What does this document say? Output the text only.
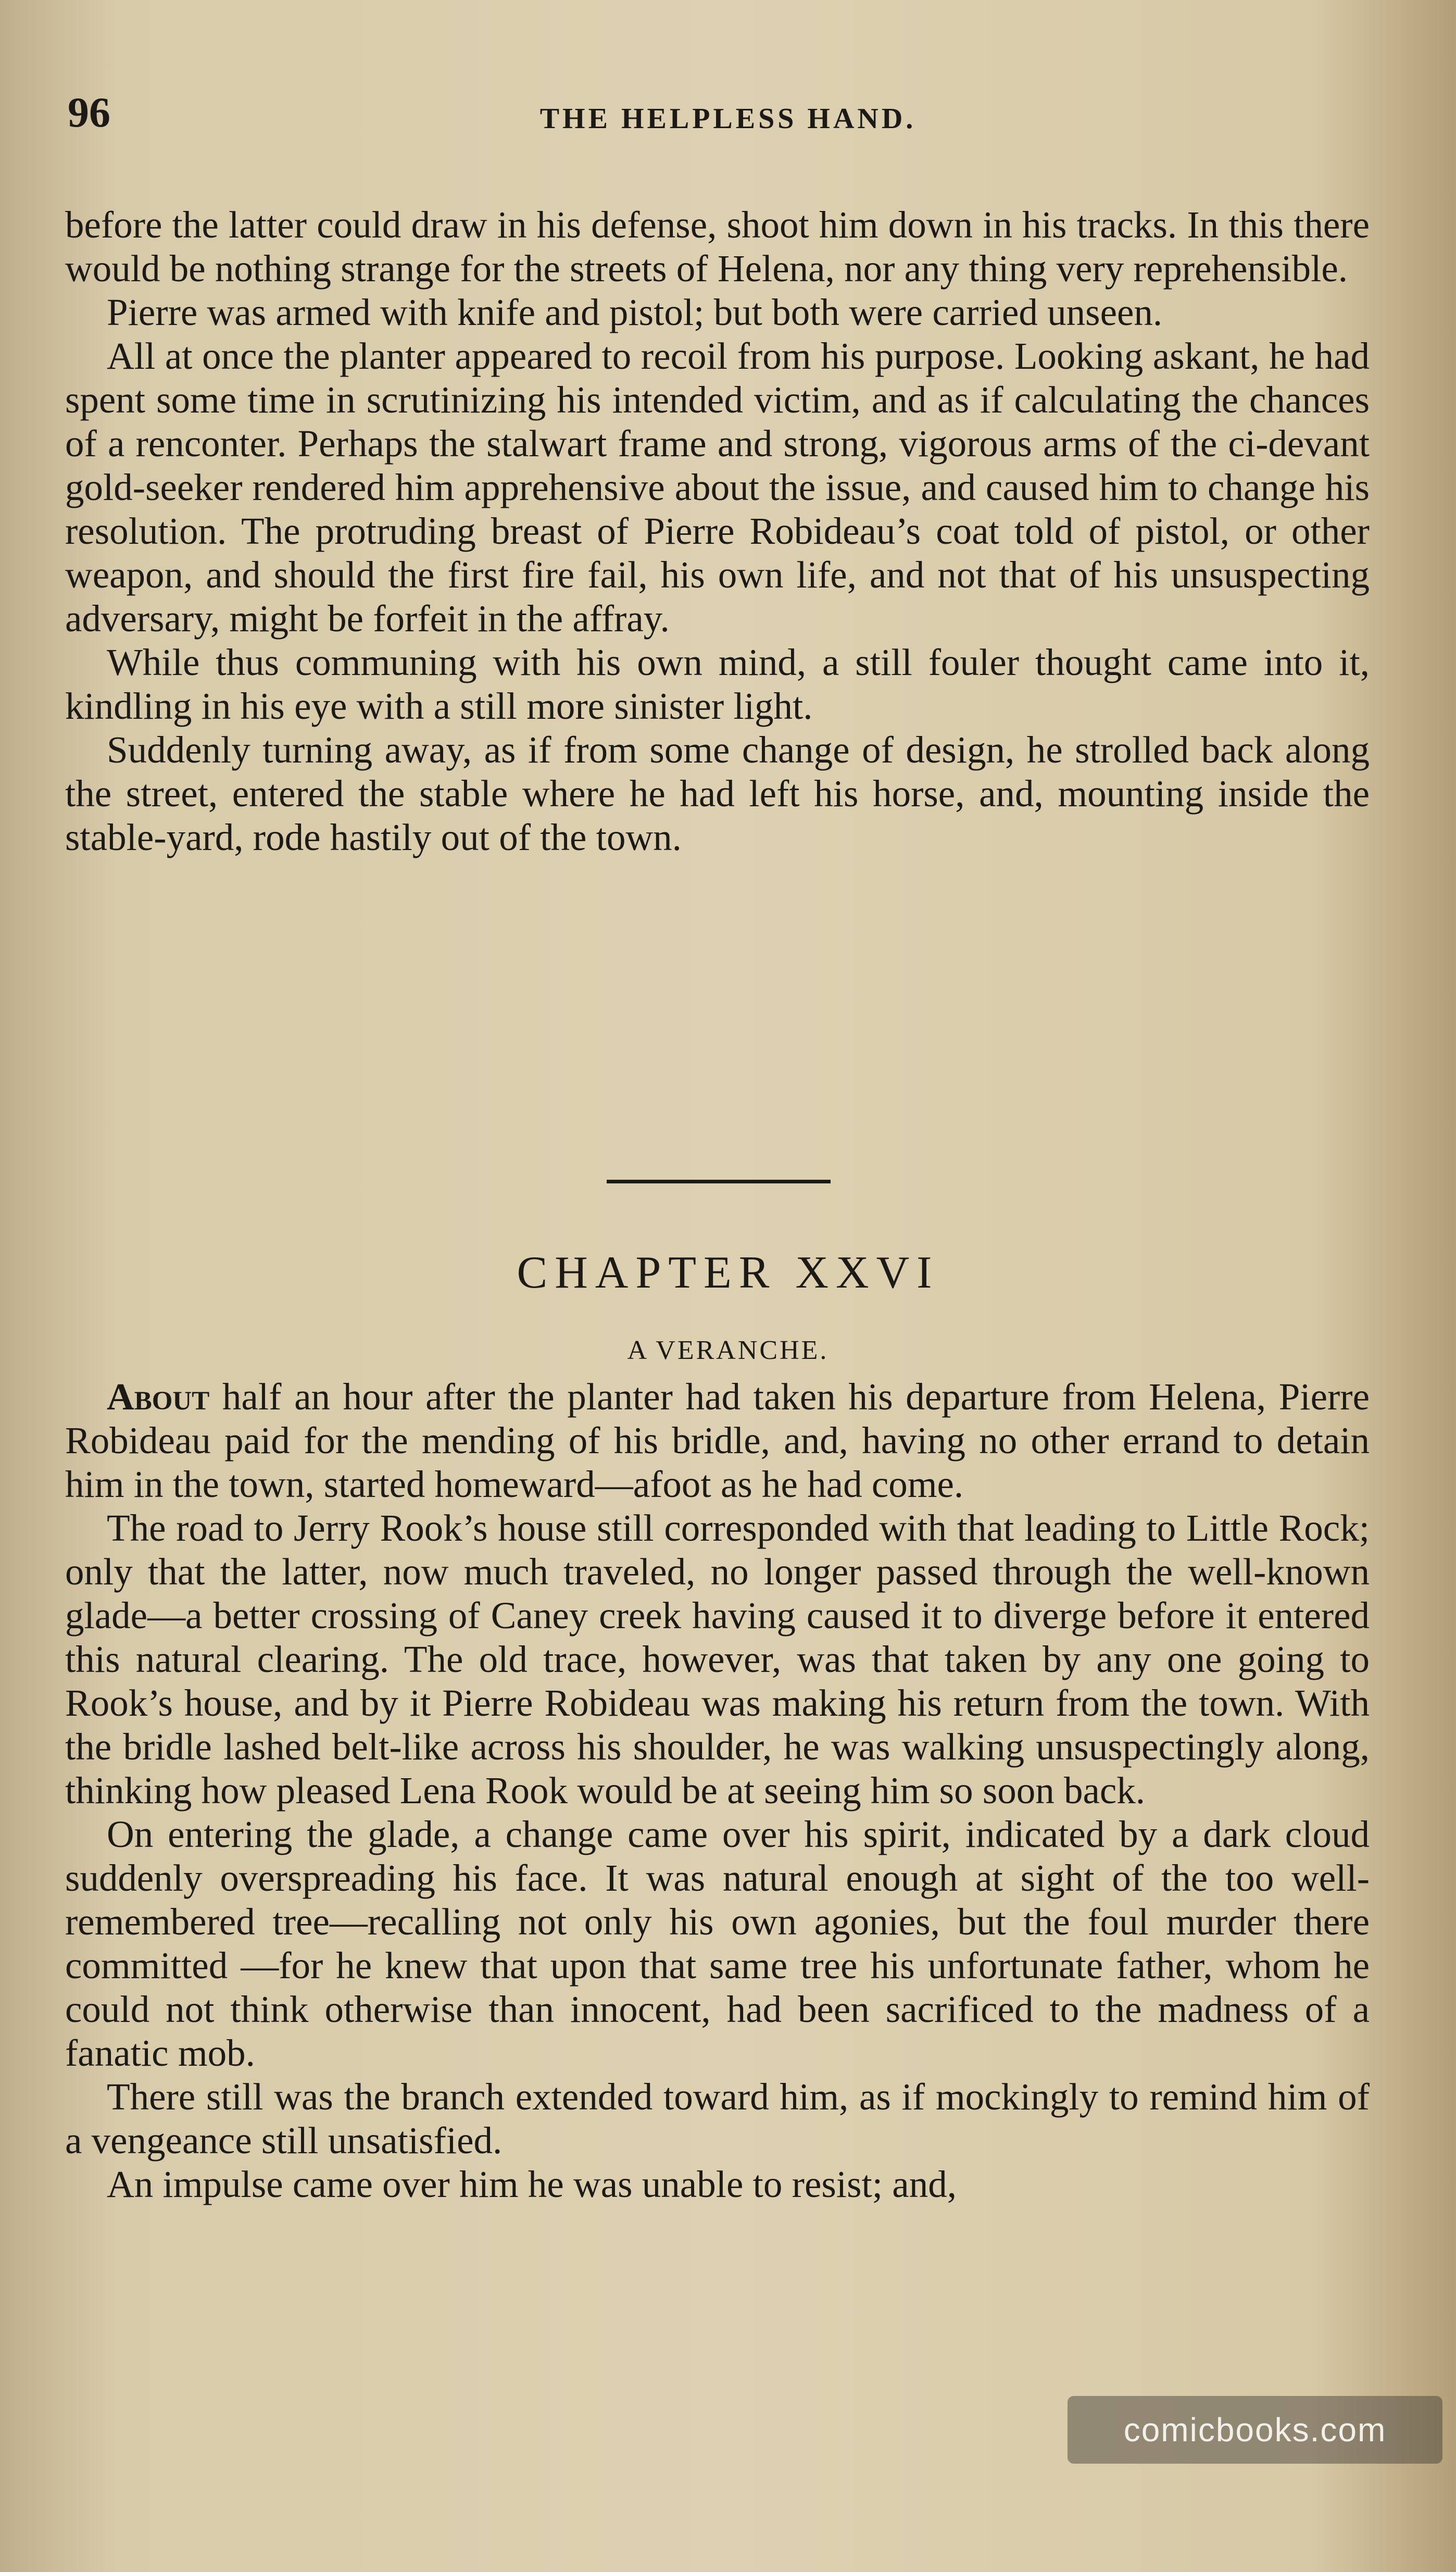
96	THE HELPLESS HAND.

before the latter could draw in his defense, shoot him down in his tracks. In this there would be nothing strange for the streets of Helena, nor any thing very reprehensible.

Pierre was armed with knife and pistol; but both were carried unseen.

All at once the planter appeared to recoil from his purpose. Looking askant, he had spent some time in scrutinizing his intended victim, and as if calculating the chances of a renconter. Perhaps the stalwart frame and strong, vigorous arms of the ci-devant gold-seeker rendered him apprehensive about the issue, and caused him to change his resolution. The protruding breast of Pierre Robideau’s coat told of pistol, or other weapon, and should the first fire fail, his own life, and not that of his unsuspecting adversary, might be forfeit in the affray.

While thus communing with his own mind, a still fouler thought came into it, kindling in his eye with a still more sinister light.

Suddenly turning away, as if from some change of design, he strolled back along the street, entered the stable where he had left his horse, and, mounting inside the stable-yard, rode hastily out of the town.

CHAPTER XXVI
A VERANCHE.

About half an hour after the planter had taken his departure from Helena, Pierre Robideau paid for the mending of his bridle, and, having no other errand to detain him in the town, started homeward—afoot as he had come.

The road to Jerry Rook’s house still corresponded with that leading to Little Rock; only that the latter, now much traveled, no longer passed through the well-known glade—a better crossing of Caney creek having caused it to diverge before it entered this natural clearing. The old trace, however, was that taken by any one going to Rook’s house, and by it Pierre Robideau was making his return from the town. With the bridle lashed belt-like across his shoulder, he was walking unsuspectingly along, thinking how pleased Lena Rook would be at seeing him so soon back.

On entering the glade, a change came over his spirit, indicated by a dark cloud suddenly overspreading his face. It was natural enough at sight of the too well-remembered tree—recalling not only his own agonies, but the foul murder there committed —for he knew that upon that same tree his unfortunate father, whom he could not think otherwise than innocent, had been sacrificed to the madness of a fanatic mob.

There still was the branch extended toward him, as if mockingly to remind him of a vengeance still unsatisfied.

An impulse came over him he was unable to resist; and,

comicbooks.com
